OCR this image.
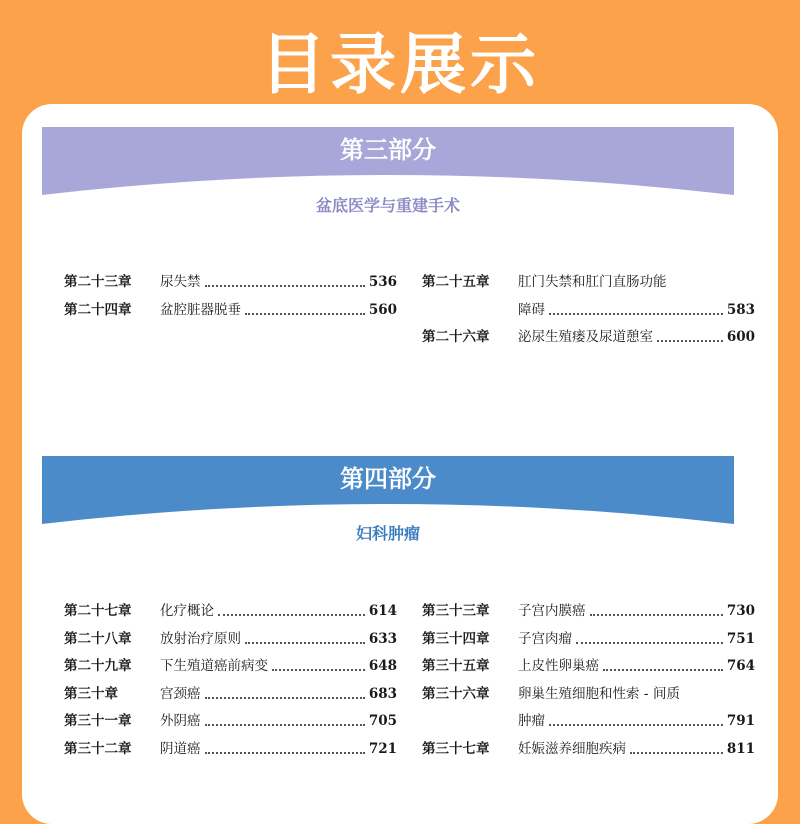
目录展示
第三部分
盆底医学与重建手术
第二十三章 尿失禁	536
第二十四章 盆腔脏器脱垂	560
第二十五章 肛门失禁和肛门直肠功能
障碍	583
第二十六章 泌尿生殖瘘及尿道憩室	600
第四部分
妇科肿瘤
第二十七章 化疗概论	614
第二十八章 放射治疗原则	633
第二十九章 下生殖道癌前病变	648
第三十章	宫颈癌	683
第三十一章 外阴癌	705
第三十二章 阴道癌	721
第三十三章 子宫内膜癌	730
第三十四章 子宫肉瘤	751
第三十五章 上皮性卵巢癌	764
第三十六章 卵巢生殖细胞和性索 - 间质
肿瘤	791
第三十七章 妊娠滋养细胞疾病	811
